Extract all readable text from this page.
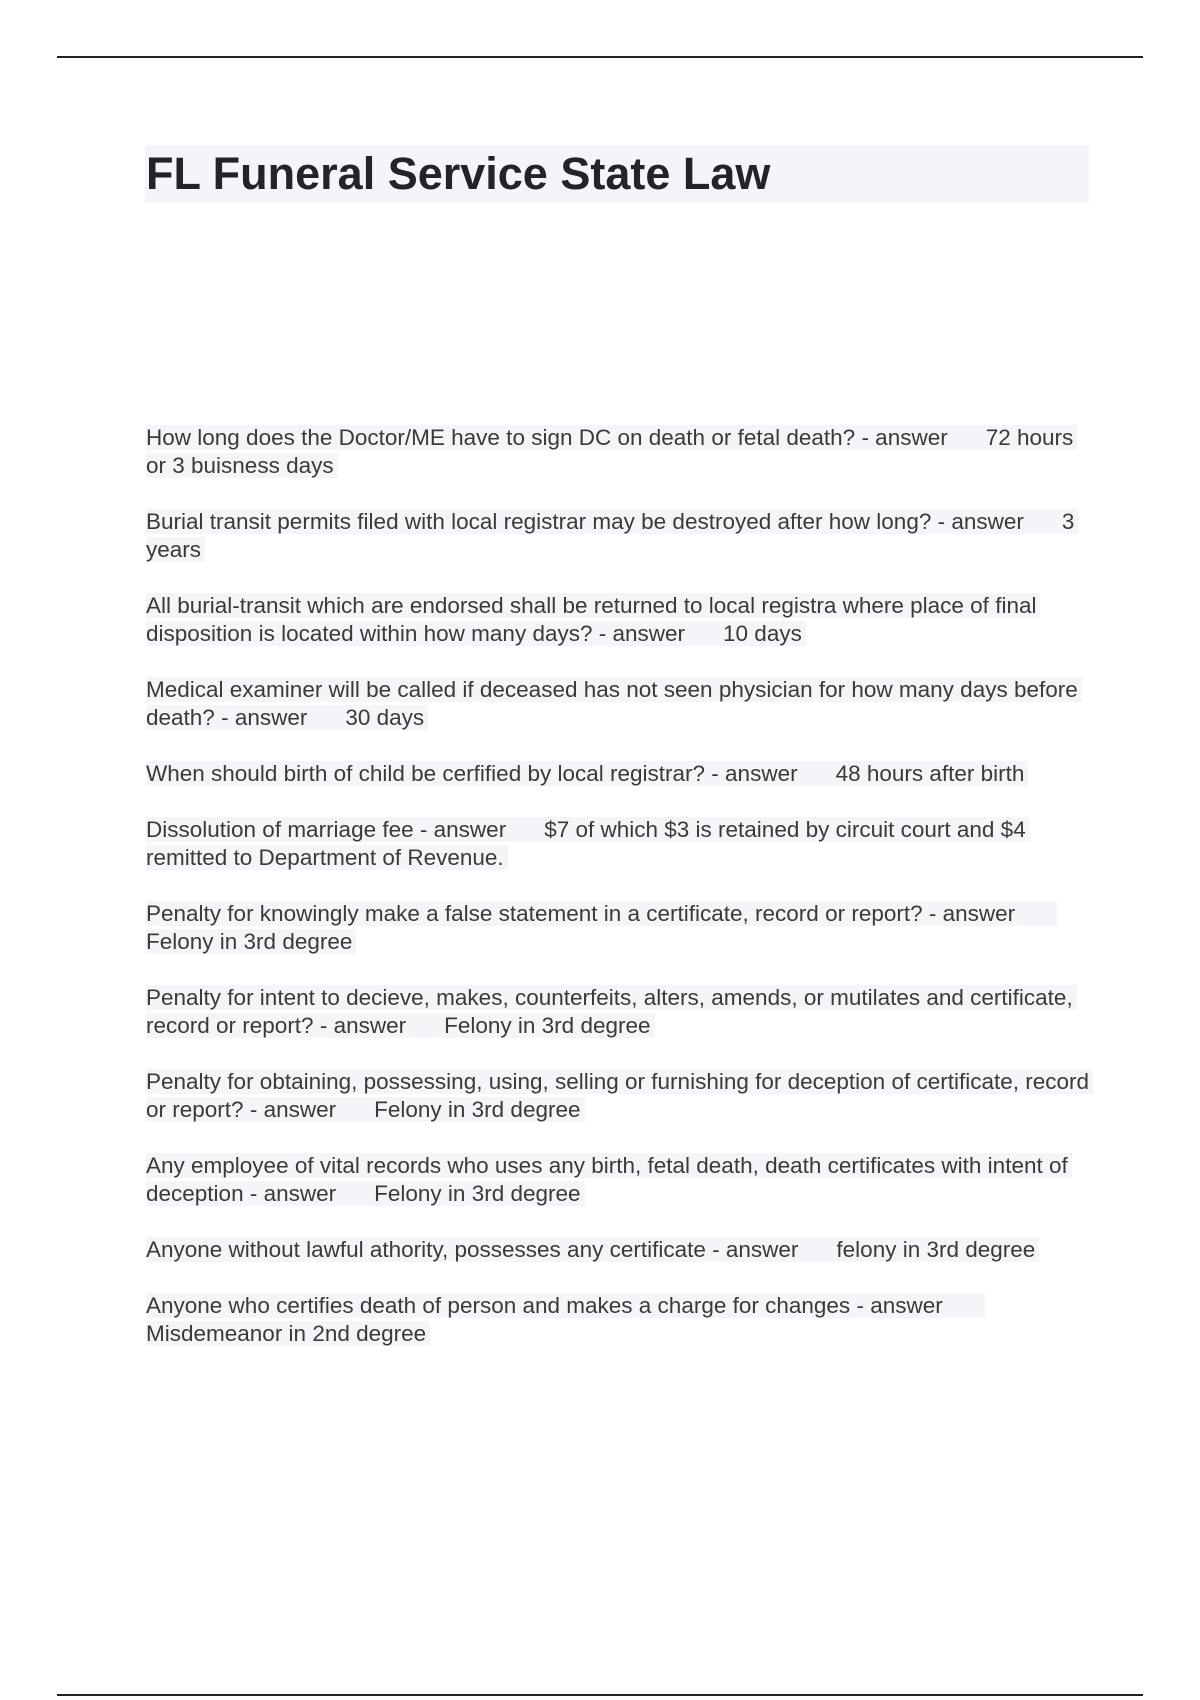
FL Funeral Service State Law

How long does the Doctor/ME have to sign DC on death or fetal death? - answer 72 hours or 3 buisness days

Burial transit permits filed with local registrar may be destroyed after how long? - answer 3 years

All burial-transit which are endorsed shall be returned to local registra where place of final disposition is located within how many days? - answer 10 days

Medical examiner will be called if deceased has not seen physician for how many days before death? - answer 30 days

When should birth of child be cerfified by local registrar? - answer 48 hours after birth

Dissolution of marriage fee - answer $7 of which $3 is retained by circuit court and $4 remitted to Department of Revenue.

Penalty for knowingly make a false statement in a certificate, record or report? - answerFelony in 3rd degree

Penalty for intent to decieve, makes, counterfeits, alters, amends, or mutilates and certificate, record or report? - answer Felony in 3rd degree

Penalty for obtaining, possessing, using, selling or furnishing for deception of certificate, record or report? - answer Felony in 3rd degree

Any employee of vital records who uses any birth, fetal death, death certificates with intent of deception - answer Felony in 3rd degree

Anyone without lawful athority, possesses any certificate - answer felony in 3rd degree

Anyone who certifies death of person and makes a charge for changes - answerMisdemeanor in 2nd degree
